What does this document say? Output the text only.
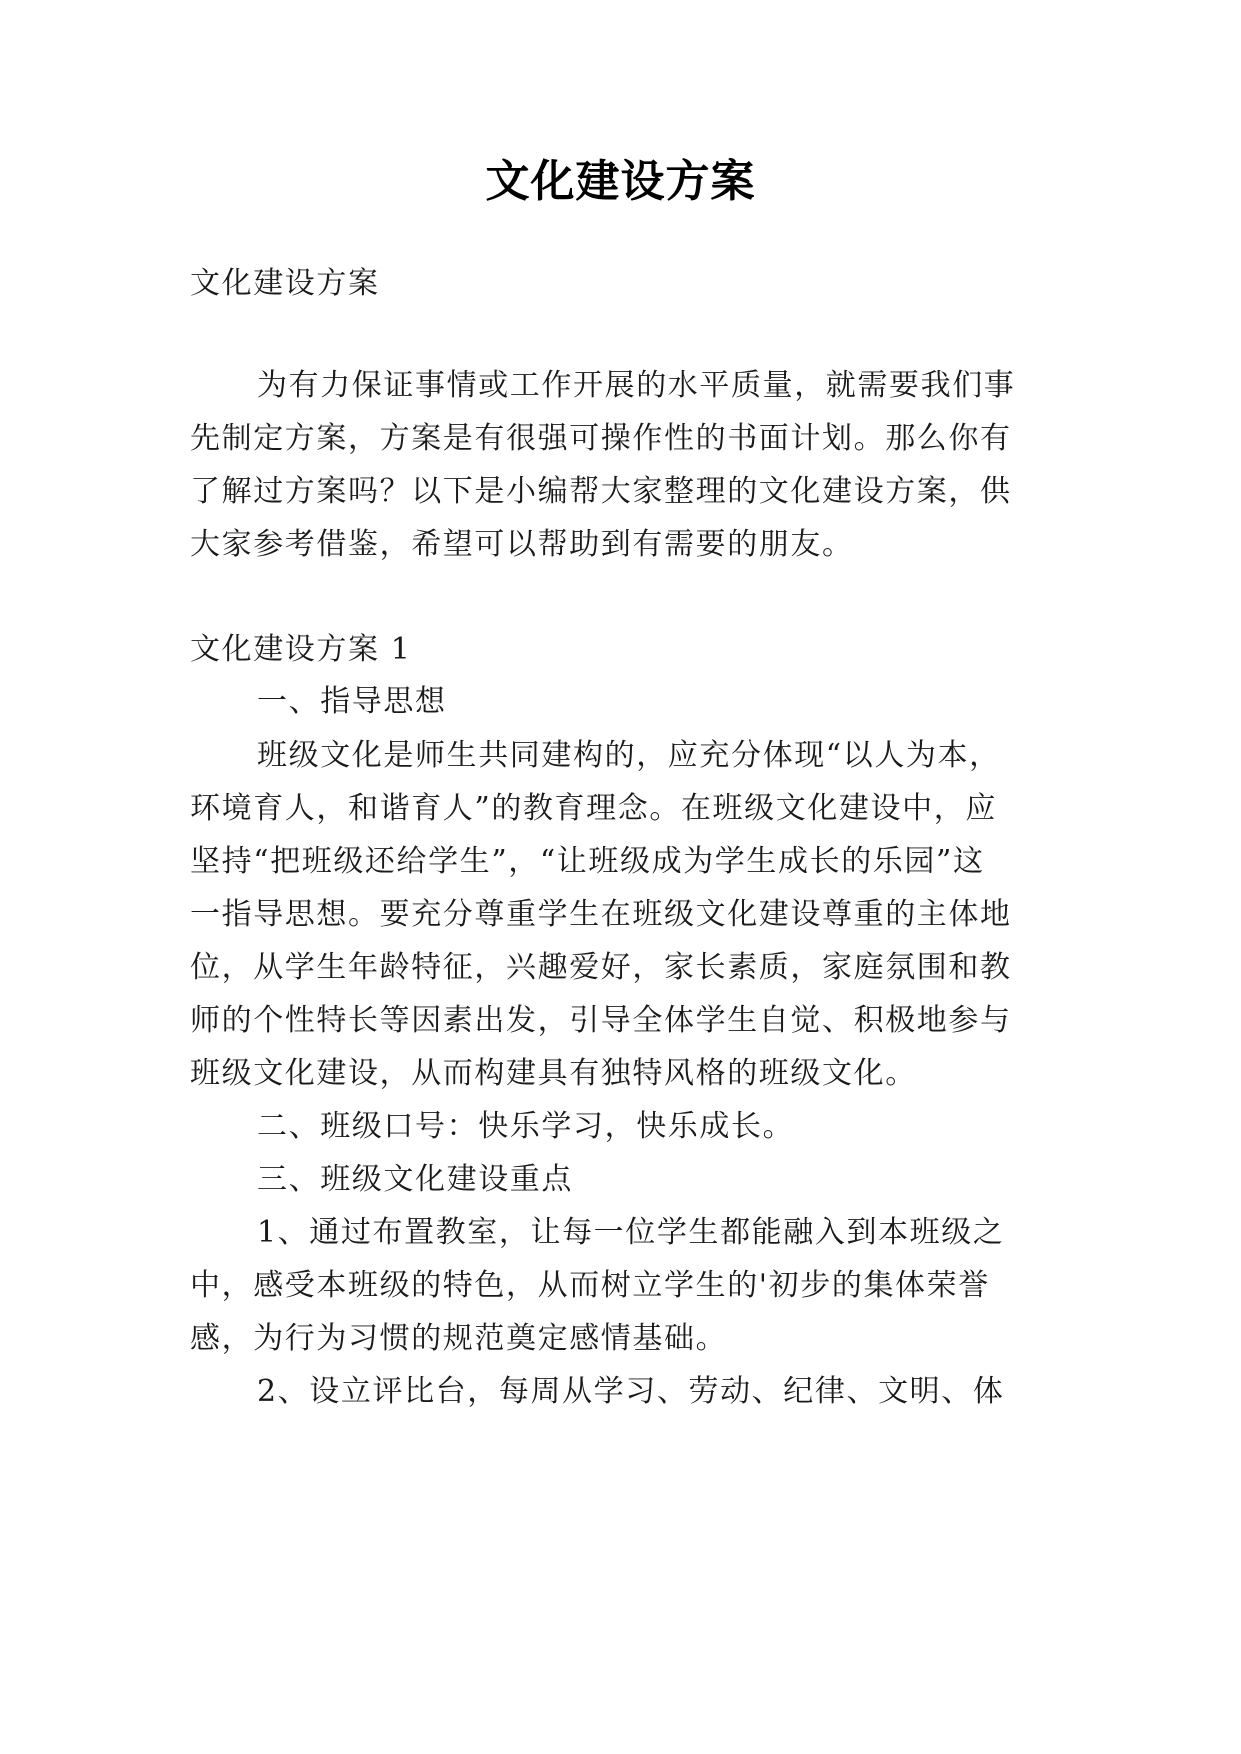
文化建设方案

文化建设方案

为有力保证事情或工作开展的水平质量，就需要我们事

先制定方案，方案是有很强可操作性的书面计划。那么你有

了解过方案吗？以下是小编帮大家整理的文化建设方案，供

大家参考借鉴，希望可以帮助到有需要的朋友。

文化建设方案 1

一、指导思想

班级文化是师生共同建构的，应充分体现“以人为本，

环境育人，和谐育人”的教育理念。在班级文化建设中，应

坚持“把班级还给学生”，“让班级成为学生成长的乐园”这

一指导思想。要充分尊重学生在班级文化建设尊重的主体地

位，从学生年龄特征，兴趣爱好，家长素质，家庭氛围和教

师的个性特长等因素出发，引导全体学生自觉、积极地参与

班级文化建设，从而构建具有独特风格的班级文化。

二、班级口号：快乐学习，快乐成长。

三、班级文化建设重点

1、通过布置教室，让每一位学生都能融入到本班级之

中，感受本班级的特色，从而树立学生的'初步的集体荣誉

感，为行为习惯的规范奠定感情基础。

2、设立评比台，每周从学习、劳动、纪律、文明、体
